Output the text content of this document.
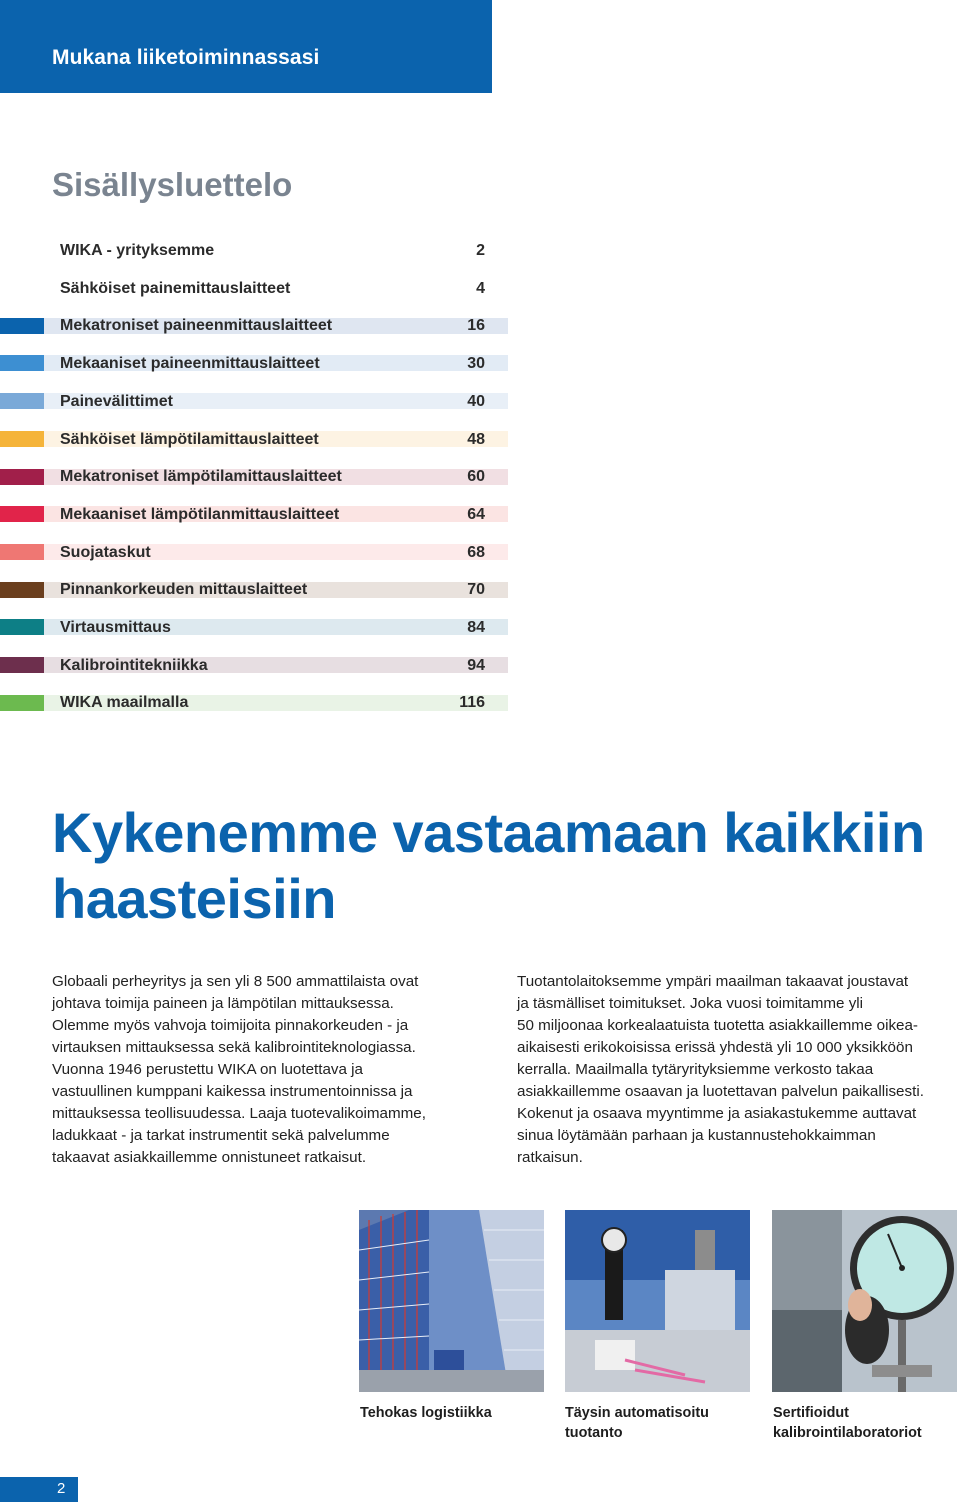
Mukana liiketoiminnassasi
Sisällysluettelo
WIKA - yrityksemme	2
Sähköiset painemittauslaitteet	4
Mekatroniset paineenmittauslaitteet	16
Mekaaniset paineenmittauslaitteet	30
Painevälittimet	40
Sähköiset lämpötilamittauslaitteet	48
Mekatroniset lämpötilamittauslaitteet	60
Mekaaniset lämpötilanmittauslaitteet	64
Suojataskut	68
Pinnankorkeuden mittauslaitteet	70
Virtausmittaus	84
Kalibrointitekniikka	94
WIKA maailmalla	116
Kykenemme vastaamaan kaikkiin haasteisiin

Globaali perheyritys ja sen yli 8 500 ammattilaista ovat
johtava toimija paineen ja lämpötilan mittauksessa.
Olemme myös vahvoja toimijoita pinnakorkeuden - ja
virtauksen mittauksessa sekä kalibrointiteknologiassa.
Vuonna 1946 perustettu WIKA on luotettava ja
vastuullinen kumppani kaikessa instrumentoinnissa ja
mittauksessa teollisuudessa. Laaja tuotevalikoimamme,
ladukkaat - ja tarkat instrumentit sekä palvelumme
takaavat asiakkaillemme onnistuneet ratkaisut.

Tuotantolaitoksemme ympäri maailman takaavat joustavat
ja täsmälliset toimitukset. Joka vuosi toimitamme yli
50 miljoonaa korkealaatuista tuotetta asiakkaillemme oikea-
aikaisesti erikokoisissa erissä yhdestä yli 10 000 yksikköön
kerralla. Maailmalla tytäryrityksiemme verkosto takaa
asiakkaillemme osaavan ja luotettavan palvelun paikallisesti.
Kokenut ja osaava myyntimme ja asiakastukemme auttavat
sinua löytämään parhaan ja kustannustehokkaimman
ratkaisun.

Tehokas logistiikka	Täysin automatisoitu
tuotanto
Sertifioidut
kalibrointilaboratoriot
2
